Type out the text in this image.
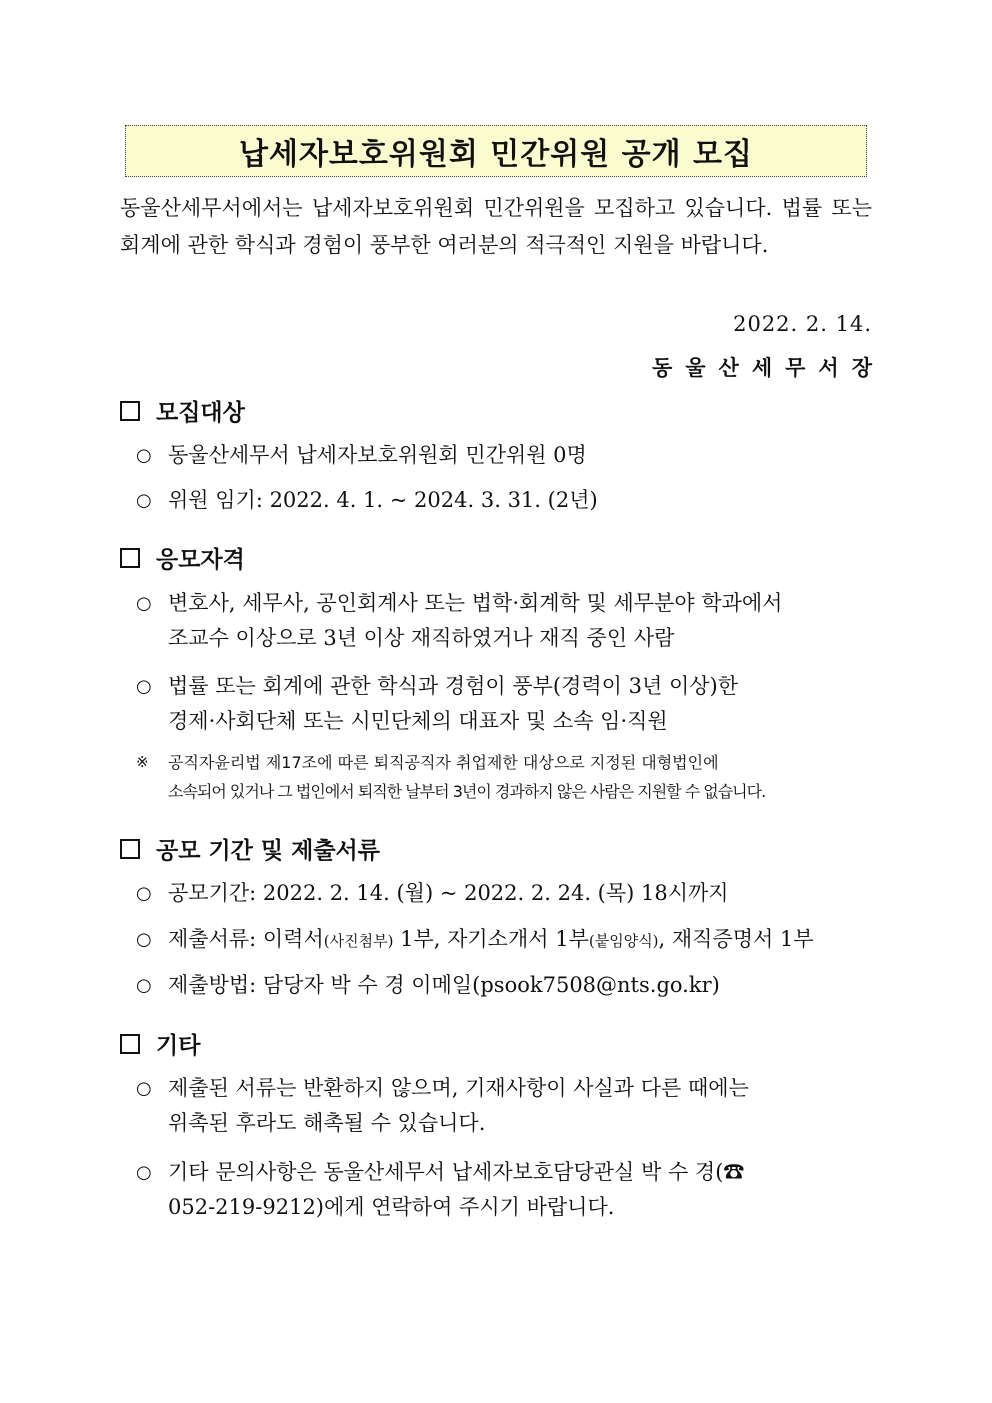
납세자보호위원회 민간위원 공개 모집
동울산세무서에서는 납세자보호위원회 민간위원을 모집하고 있습니다. 법률 또는 회계에 관한 학식과 경험이 풍부한 여러분의 적극적인 지원을 바랍니다.
2022. 2. 14.
동울산세무서장
모집대상
○ 동울산세무서 납세자보호위원회 민간위원 0명
○ 위원 임기: 2022. 4. 1. ~ 2024. 3. 31. (2년)
응모자격
○ 변호사, 세무사, 공인회계사 또는 법학·회계학 및 세무분야 학과에서
조교수 이상으로 3년 이상 재직하였거나 재직 중인 사람
○ 법률 또는 회계에 관한 학식과 경험이 풍부(경력이 3년 이상)한
경제·사회단체 또는 시민단체의 대표자 및 소속 임·직원
※	공직자윤리법 제17조에 따른 퇴직공직자 취업제한 대상으로 지정된 대형법인에
소속되어 있거나 그 법인에서 퇴직한 날부터 3년이 경과하지 않은 사람은 지원할 수 없습니다.
공모 기간 및 제출서류
○ 공모기간: 2022. 2. 14. (월) ~ 2022. 2. 24. (목) 18시까지
○ 제출서류: 이력서(사진첨부) 1부, 자기소개서 1부(붙임양식), 재직증명서 1부
○ 제출방법: 담당자 박 수 경 이메일(psook7508@nts.go.kr)
기타
○ 제출된 서류는 반환하지 않으며, 기재사항이 사실과 다른 때에는
위촉된 후라도 해촉될 수 있습니다.
○ 기타 문의사항은 동울산세무서 납세자보호담당관실 박 수 경(☎
052-219-9212)에게 연락하여 주시기 바랍니다.
